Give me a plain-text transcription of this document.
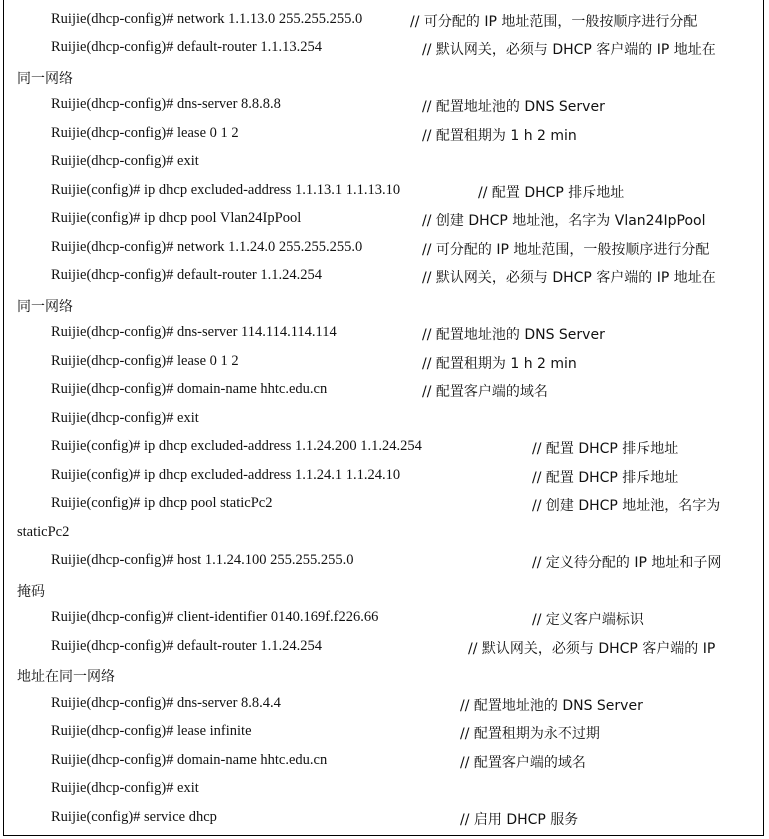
Ruijie(dhcp-config)# network 1.1.13.0 255.255.255.0	// 可分配的 IP 地址范围，一般按顺序进行分配
Ruijie(dhcp-config)# default-router 1.1.13.254	// 默认网关，必须与 DHCP 客户端的 IP 地址在
同一网络
Ruijie(dhcp-config)# dns-server 8.8.8.8	// 配置地址池的 DNS Server
Ruijie(dhcp-config)# lease 0 1 2	// 配置租期为 1 h 2 min
Ruijie(dhcp-config)# exit
Ruijie(config)# ip dhcp excluded-address 1.1.13.1 1.1.13.10	// 配置 DHCP 排斥地址
Ruijie(config)# ip dhcp pool Vlan24IpPool	// 创建 DHCP 地址池，名字为 Vlan24IpPool
Ruijie(dhcp-config)# network 1.1.24.0 255.255.255.0	// 可分配的 IP 地址范围，一般按顺序进行分配
Ruijie(dhcp-config)# default-router 1.1.24.254	// 默认网关，必须与 DHCP 客户端的 IP 地址在
同一网络
Ruijie(dhcp-config)# dns-server 114.114.114.114	// 配置地址池的 DNS Server
Ruijie(dhcp-config)# lease 0 1 2	// 配置租期为 1 h 2 min
Ruijie(dhcp-config)# domain-name hhtc.edu.cn	// 配置客户端的域名
Ruijie(dhcp-config)# exit
Ruijie(config)# ip dhcp excluded-address 1.1.24.200 1.1.24.254	// 配置 DHCP 排斥地址
Ruijie(config)# ip dhcp excluded-address 1.1.24.1 1.1.24.10	// 配置 DHCP 排斥地址
Ruijie(config)# ip dhcp pool staticPc2	// 创建 DHCP 地址池，名字为
staticPc2
Ruijie(dhcp-config)# host 1.1.24.100 255.255.255.0	// 定义待分配的 IP 地址和子网
掩码
Ruijie(dhcp-config)# client-identifier 0140.169f.f226.66	// 定义客户端标识
Ruijie(dhcp-config)# default-router 1.1.24.254	// 默认网关，必须与 DHCP 客户端的 IP
地址在同一网络
Ruijie(dhcp-config)# dns-server 8.8.4.4	// 配置地址池的 DNS Server
Ruijie(dhcp-config)# lease infinite	// 配置租期为永不过期
Ruijie(dhcp-config)# domain-name hhtc.edu.cn	// 配置客户端的域名
Ruijie(dhcp-config)# exit
Ruijie(config)# service dhcp	// 启用 DHCP 服务
